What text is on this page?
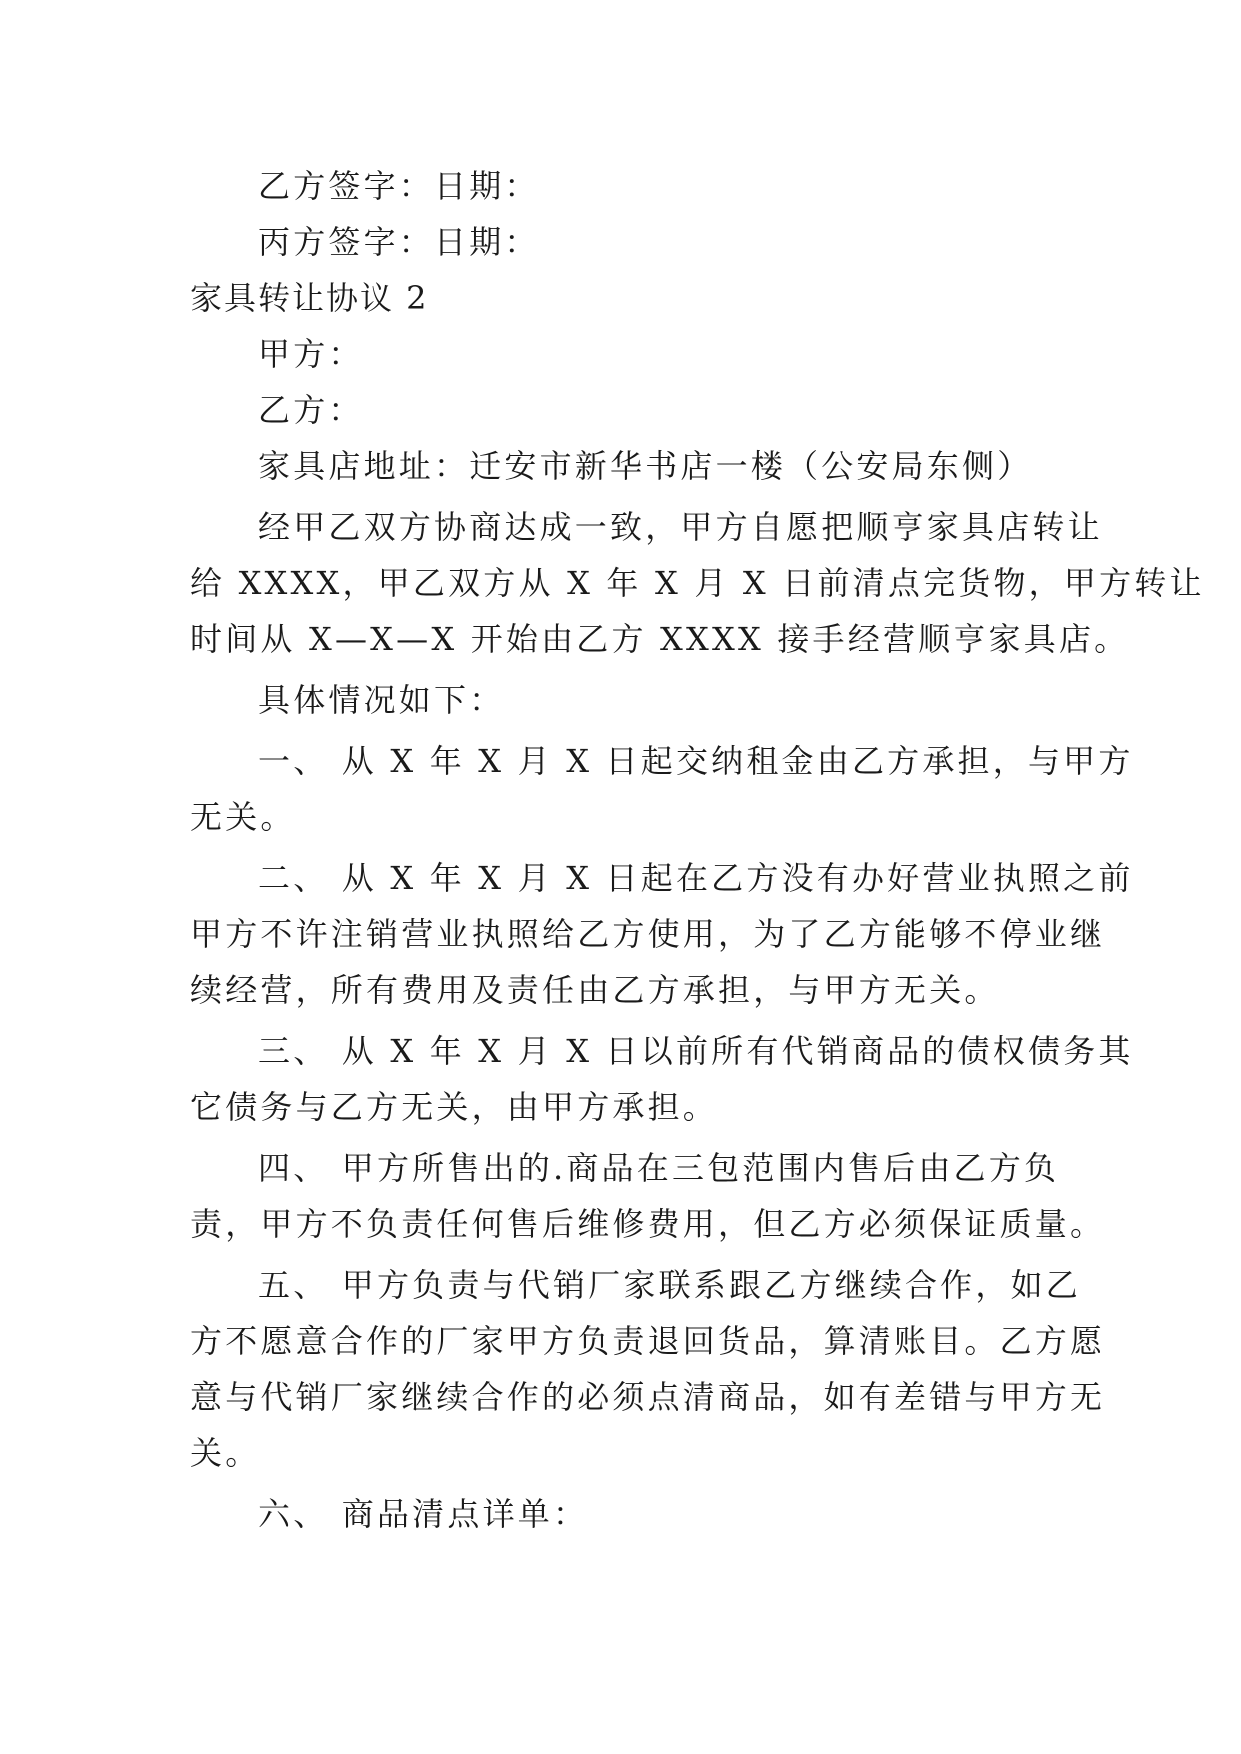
乙方签字：日期：
丙方签字：日期：
家具转让协议 2
甲方：
乙方：
家具店地址：迁安市新华书店一楼（公安局东侧）
经甲乙双方协商达成一致，甲方自愿把顺亨家具店转让
给 XXXX，甲乙双方从 X 年 X 月 X 日前清点完货物，甲方转让
时间从 X—X—X 开始由乙方 XXXX 接手经营顺亨家具店。
具体情况如下：
一、 从 X 年 X 月 X 日起交纳租金由乙方承担，与甲方
无关。
二、 从 X 年 X 月 X 日起在乙方没有办好营业执照之前
甲方不许注销营业执照给乙方使用，为了乙方能够不停业继
续经营，所有费用及责任由乙方承担，与甲方无关。
三、 从 X 年 X 月 X 日以前所有代销商品的债权债务其
它债务与乙方无关，由甲方承担。
四、 甲方所售出的.商品在三包范围内售后由乙方负
责，甲方不负责任何售后维修费用，但乙方必须保证质量。
五、 甲方负责与代销厂家联系跟乙方继续合作，如乙
方不愿意合作的厂家甲方负责退回货品，算清账目。乙方愿
意与代销厂家继续合作的必须点清商品，如有差错与甲方无
关。
六、 商品清点详单：
